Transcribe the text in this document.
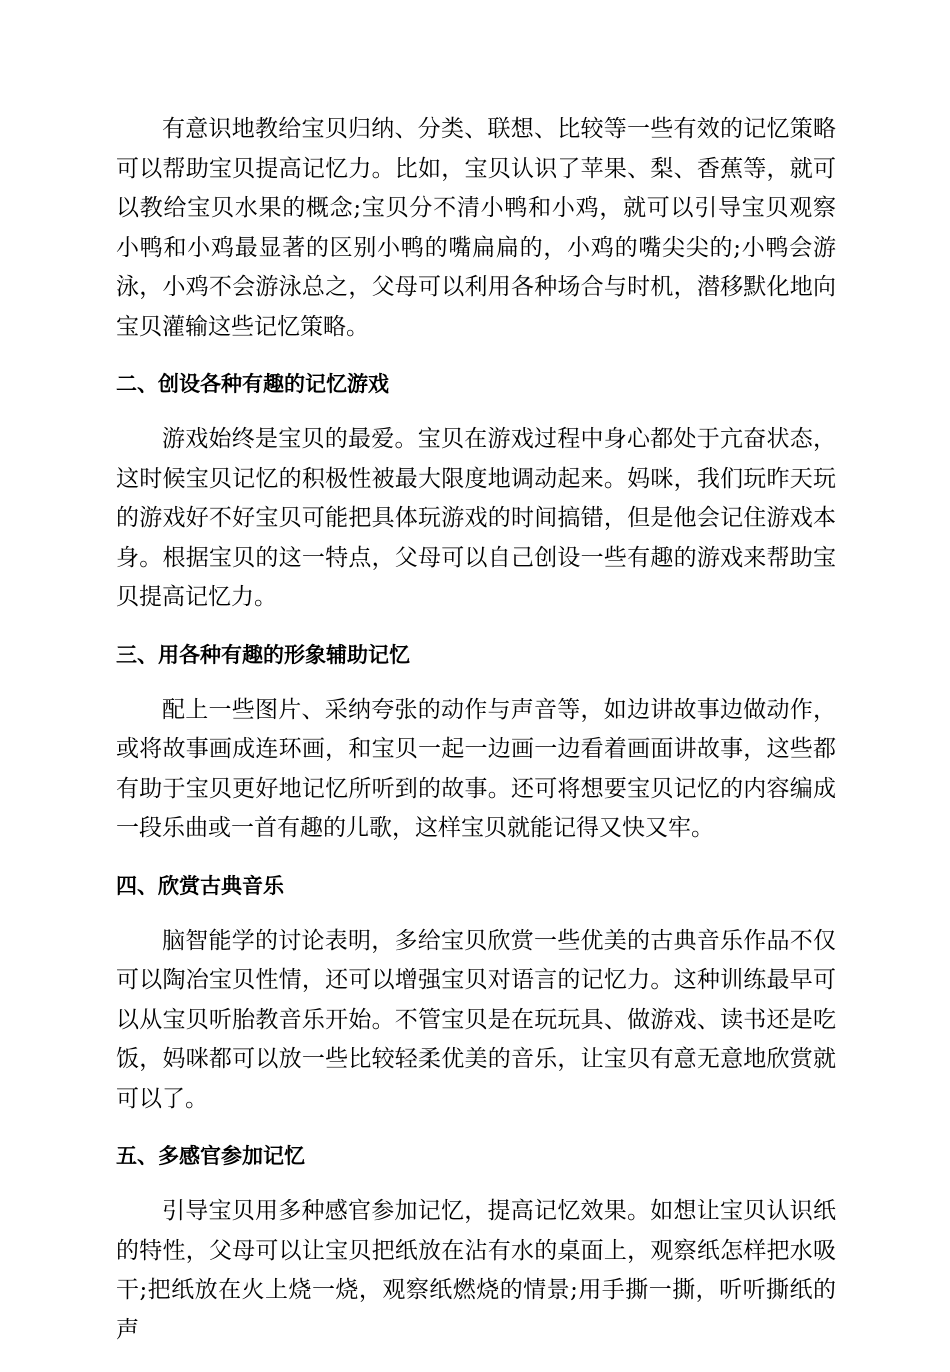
有意识地教给宝贝归纳、分类、联想、比较等一些有效的记忆策略可以帮助宝贝提高记忆力。比如，宝贝认识了苹果、梨、香蕉等，就可以教给宝贝水果的概念;宝贝分不清小鸭和小鸡，就可以引导宝贝观察小鸭和小鸡最显著的区别小鸭的嘴扁扁的，小鸡的嘴尖尖的;小鸭会游泳，小鸡不会游泳总之，父母可以利用各种场合与时机，潜移默化地向宝贝灌输这些记忆策略。

二、创设各种有趣的记忆游戏

游戏始终是宝贝的最爱。宝贝在游戏过程中身心都处于亢奋状态，这时候宝贝记忆的积极性被最大限度地调动起来。妈咪，我们玩昨天玩的游戏好不好宝贝可能把具体玩游戏的时间搞错，但是他会记住游戏本身。根据宝贝的这一特点，父母可以自己创设一些有趣的游戏来帮助宝贝提高记忆力。

三、用各种有趣的形象辅助记忆

配上一些图片、采纳夸张的动作与声音等，如边讲故事边做动作，或将故事画成连环画，和宝贝一起一边画一边看着画面讲故事，这些都有助于宝贝更好地记忆所听到的故事。还可将想要宝贝记忆的内容编成一段乐曲或一首有趣的儿歌，这样宝贝就能记得又快又牢。

四、欣赏古典音乐

脑智能学的讨论表明，多给宝贝欣赏一些优美的古典音乐作品不仅可以陶冶宝贝性情，还可以增强宝贝对语言的记忆力。这种训练最早可以从宝贝听胎教音乐开始。不管宝贝是在玩玩具、做游戏、读书还是吃饭，妈咪都可以放一些比较轻柔优美的音乐，让宝贝有意无意地欣赏就可以了。

五、多感官参加记忆

引导宝贝用多种感官参加记忆，提高记忆效果。如想让宝贝认识纸的特性，父母可以让宝贝把纸放在沾有水的桌面上，观察纸怎样把水吸干;把纸放在火上烧一烧，观察纸燃烧的情景;用手撕一撕，听听撕纸的声
